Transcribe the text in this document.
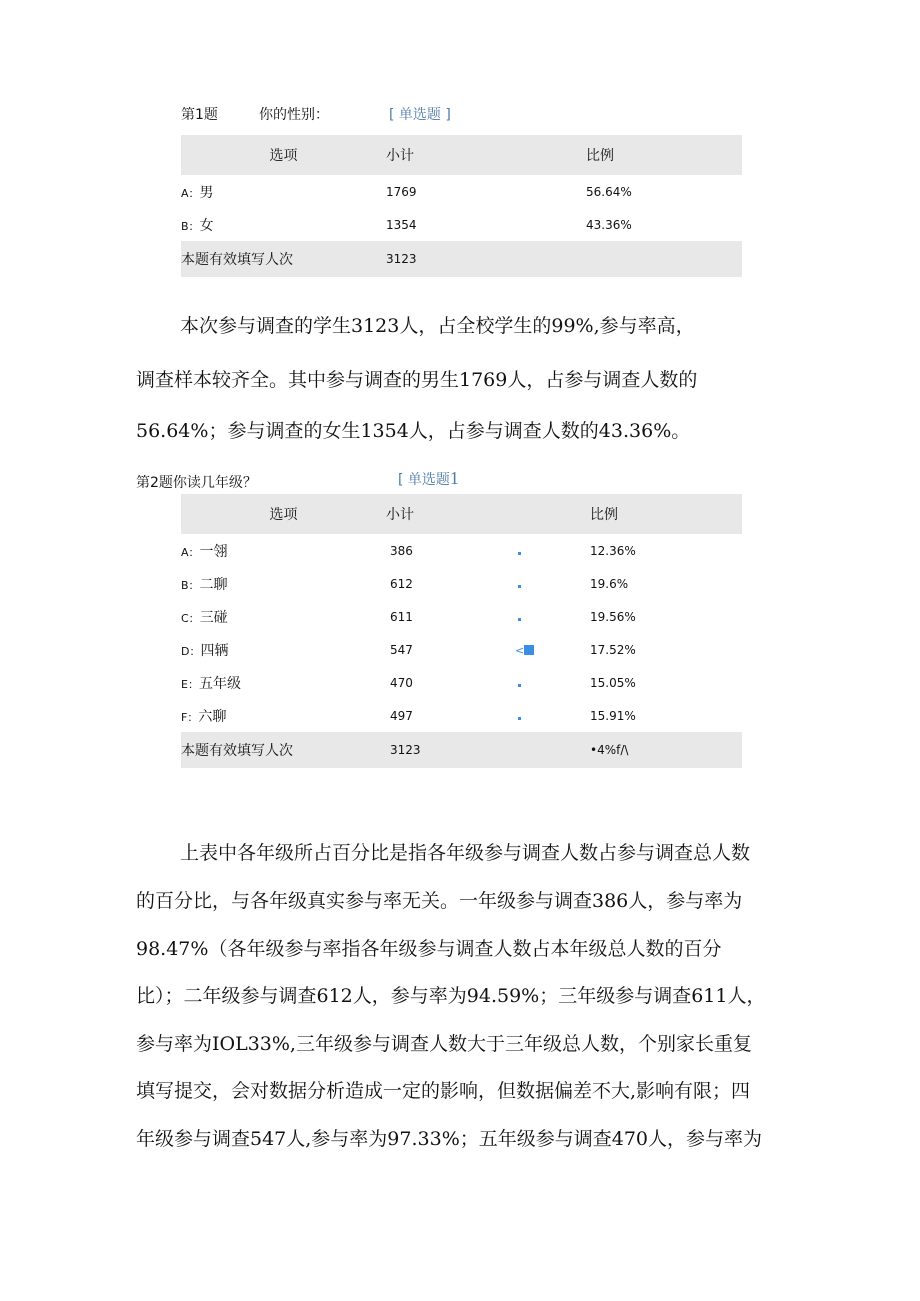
第1题	你的性别：	[ 单选题 ]
选项	小计		比例
A：男	1769		56.64%
B：女	1354		43.36%
本题有效填写人次	3123		
本次参与调查的学生3123人，占全校学生的99%,参与率高，
调查样本较齐全。其中参与调查的男生1769人，占参与调查人数的
56.64%；参与调查的女生1354人，占参与调查人数的43.36%。
第2题你读几年级？	[ 单选题1
选项	小计		比例
A：一翎	386		12.36%
B：二聊	612		19.6%
C：三碰	611		19.56%
D：四辆	547	<	17.52%
E：五年级	470		15.05%
F：六聊	497		15.91%
本题有效填写人次	3123		•4%f/\
上表中各年级所占百分比是指各年级参与调查人数占参与调查总人数
的百分比，与各年级真实参与率无关。一年级参与调查386人，参与率为
98.47%（各年级参与率指各年级参与调查人数占本年级总人数的百分
比）；二年级参与调查612人，参与率为94.59%；三年级参与调查611人，
参与率为IOL33%,三年级参与调查人数大于三年级总人数，个别家长重复
填写提交，会对数据分析造成一定的影响，但数据偏差不大,影响有限；四
年级参与调查547人,参与率为97.33%；五年级参与调查470人，参与率为
